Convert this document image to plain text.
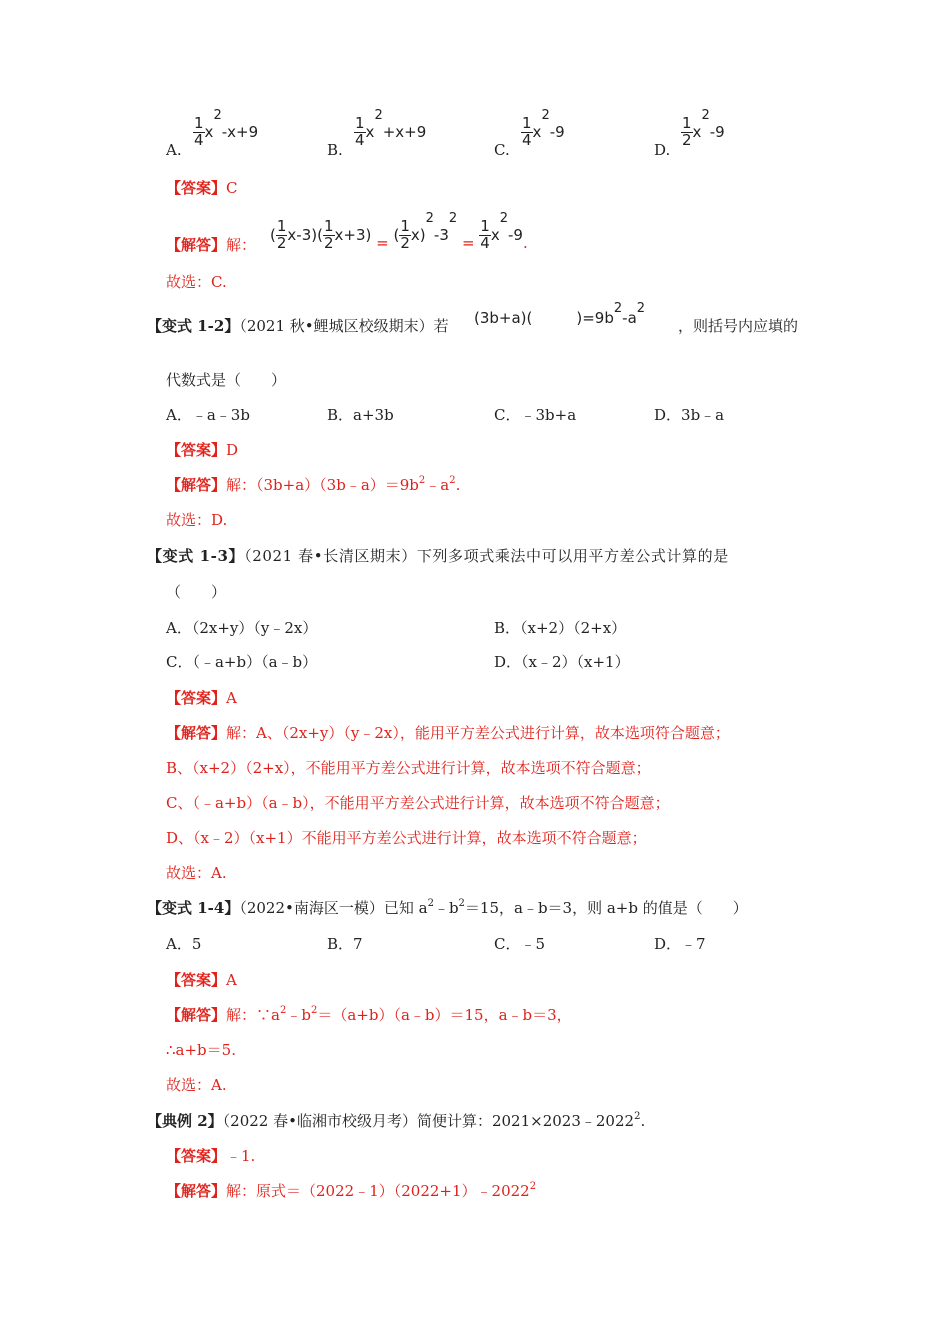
A.
$\frac{1}{4} x^2-x+9$
B.
$\frac{1}{4} x^2+x+9$
C.
$\frac{1}{4} x^2-9$
D.
$\frac{1}{2} x^2-9$
【答案】C
【解答】解：
( $\frac{1}{2} x-3)( \frac{1}{2} x+3)$ = ( $\frac{1}{2} x)^2-3^2 = \frac{1}{4} x^2-9$.
故选：C.
【变式 1-2】（2021 秋•鲤城区校级期末）若 (3b+a)(	)$=9b^2-a^2$
，则括号内应填的
代数式是（　　）
A．﹣a﹣3b	B．a+3b	C．﹣3b+a	D．3b﹣a
【答案】D
【解答】解：$(3b+a)(3b﹣a)=9b^2﹣a^2$.
故选：D.
【变式 1-3】（2021 春•长清区期末）下列多项式乘法中可以用平方差公式计算的是
（　　）
A．（2x+y）（y﹣2x）	B．（x+2）（2+x）
C．（﹣a+b）（a﹣b）	D．（x﹣2）（x+1）
【答案】A
【解答】解：A、（2x+y）（y﹣2x），能用平方差公式进行计算，故本选项符合题意；
B、（x+2）（2+x），不能用平方差公式进行计算，故本选项不符合题意；
C、（﹣a+b）（a﹣b），不能用平方差公式进行计算，故本选项不符合题意；
D、（x﹣2）（x+1）不能用平方差公式进行计算，故本选项不符合题意；
故选：A.
【变式 1-4】（2022•南海区一模）已知 $a^2﹣b^2=15$，a﹣b＝3，则 a+b 的值是（　　）
A．5	B．7	C．﹣5	D．﹣7
【答案】A
【解答】解：$\because a^2﹣b^2=(a+b)(a﹣b)=15$，a﹣b＝3，
∴a+b＝5.
故选：A.
【典例 2】（2022 春•临湘市校级月考）简便计算：$2021\times 2023﹣2022^2$.
【答案】﹣1.
【解答】解：原式$=(2022﹣1)(2022+1)﹣2022^2$
